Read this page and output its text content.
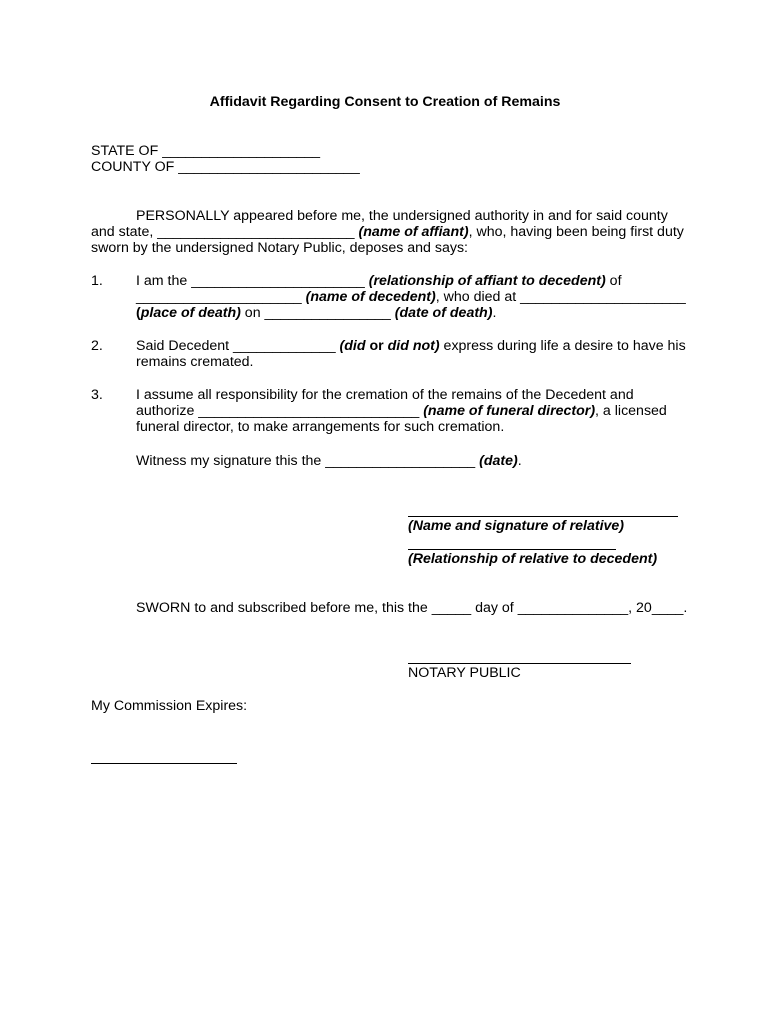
Affidavit Regarding Consent to Creation of Remains
STATE OF ____________________
COUNTY OF _______________________
PERSONALLY appeared before me, the undersigned authority in and for said county
and state, _________________________ (name of affiant), who, having been being first duty
sworn by the undersigned Notary Public, deposes and says:
1. I am the ______________________ (relationship of affiant to decedent) of
_____________________ (name of decedent), who died at _____________________
(place of death) on ________________ (date of death).
2. Said Decedent _____________ (did or did not) express during life a desire to have his
remains cremated.
3. I assume all responsibility for the cremation of the remains of the Decedent and
authorize ____________________________ (name of funeral director), a licensed
funeral director, to make arrangements for such cremation.
Witness my signature this the ___________________ (date).
(Name and signature of relative)
(Relationship of relative to decedent)
SWORN to and subscribed before me, this the _____ day of ______________, 20____.
NOTARY PUBLIC
My Commission Expires:
